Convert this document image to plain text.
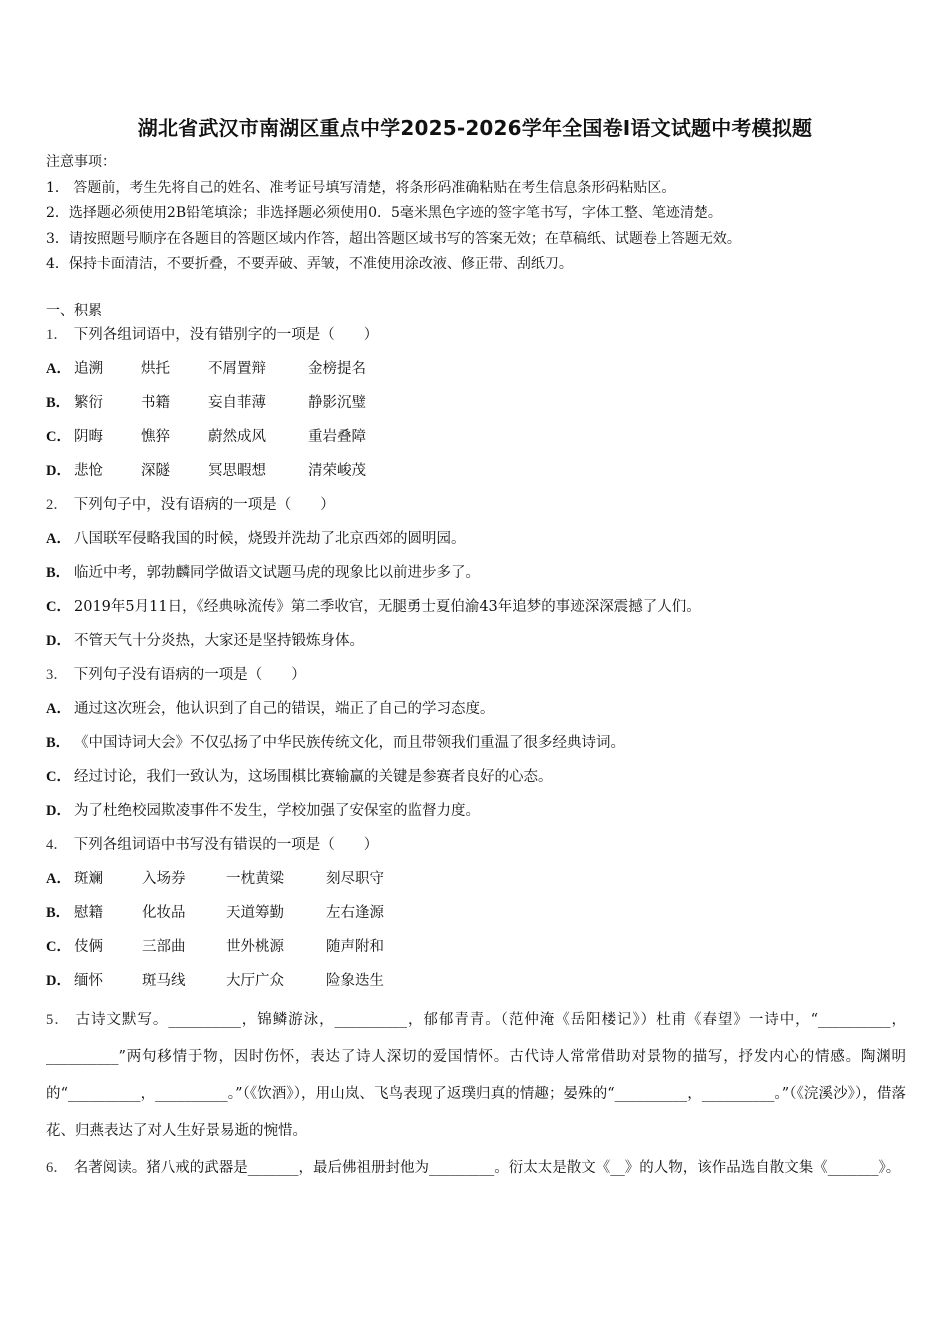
湖北省武汉市南湖区重点中学2025-2026学年全国卷Ⅰ语文试题中考模拟题
注意事项：
1． 答题前，考生先将自己的姓名、准考证号填写清楚，将条形码准确粘贴在考生信息条形码粘贴区。
2．选择题必须使用2B铅笔填涂；非选择题必须使用0．5毫米黑色字迹的签字笔书写，字体工整、笔迹清楚。
3．请按照题号顺序在各题目的答题区域内作答，超出答题区域书写的答案无效；在草稿纸、试题卷上答题无效。
4．保持卡面清洁，不要折叠，不要弄破、弄皱，不准使用涂改液、修正带、刮纸刀。
一、积累
1． 下列各组词语中，没有错别字的一项是（　　）
A． 追溯	烘托	不屑置辩	金榜提名
B． 繁衍	书籍	妄自菲薄	静影沉璧
C． 阴晦	憔猝	蔚然成风	重岩叠障
D． 悲怆	深隧	冥思暇想	清荣峻茂
2． 下列句子中，没有语病的一项是（　　）
A． 八国联军侵略我国的时候，烧毁并洗劫了北京西郊的圆明园。
B． 临近中考，郭勃麟同学做语文试题马虎的现象比以前进步多了。
C． 2019年5月11日，《经典咏流传》第二季收官，无腿勇士夏伯渝43年追梦的事迹深深震撼了人们。
D． 不管天气十分炎热，大家还是坚持锻炼身体。
3． 下列句子没有语病的一项是（　　）
A． 通过这次班会，他认识到了自己的错误，端正了自己的学习态度。
B． 《中国诗词大会》不仅弘扬了中华民族传统文化，而且带领我们重温了很多经典诗词。
C． 经过讨论，我们一致认为，这场围棋比赛输赢的关键是参赛者良好的心态。
D． 为了杜绝校园欺凌事件不发生，学校加强了安保室的监督力度。
4． 下列各组词语中书写没有错误的一项是（　　）
A． 斑斓	入场券	一枕黄粱	刻尽职守
B． 慰籍	化妆品	天道筹勤	左右逢源
C． 伎俩	三部曲	世外桃源	随声附和
D． 缅怀	斑马线	大厅广众	险象迭生
5． 古诗文默写。__________，锦鳞游泳，__________，郁郁青青。（范仲淹《岳阳楼记》）杜甫《春望》一诗中，“__________，__________”两句移情于物，因时伤怀，表达了诗人深切的爱国情怀。古代诗人常常借助对景物的描写，抒发内心的情感。陶渊明的“__________，__________。”（《饮酒》），用山岚、飞鸟表现了返璞归真的情趣；晏殊的“__________，__________。”（《浣溪沙》），借落花、归燕表达了对人生好景易逝的惋惜。
6． 名著阅读。猪八戒的武器是_______，最后佛祖册封他为_________。衍太太是散文《__》的人物，该作品选自散文集《_______》。
